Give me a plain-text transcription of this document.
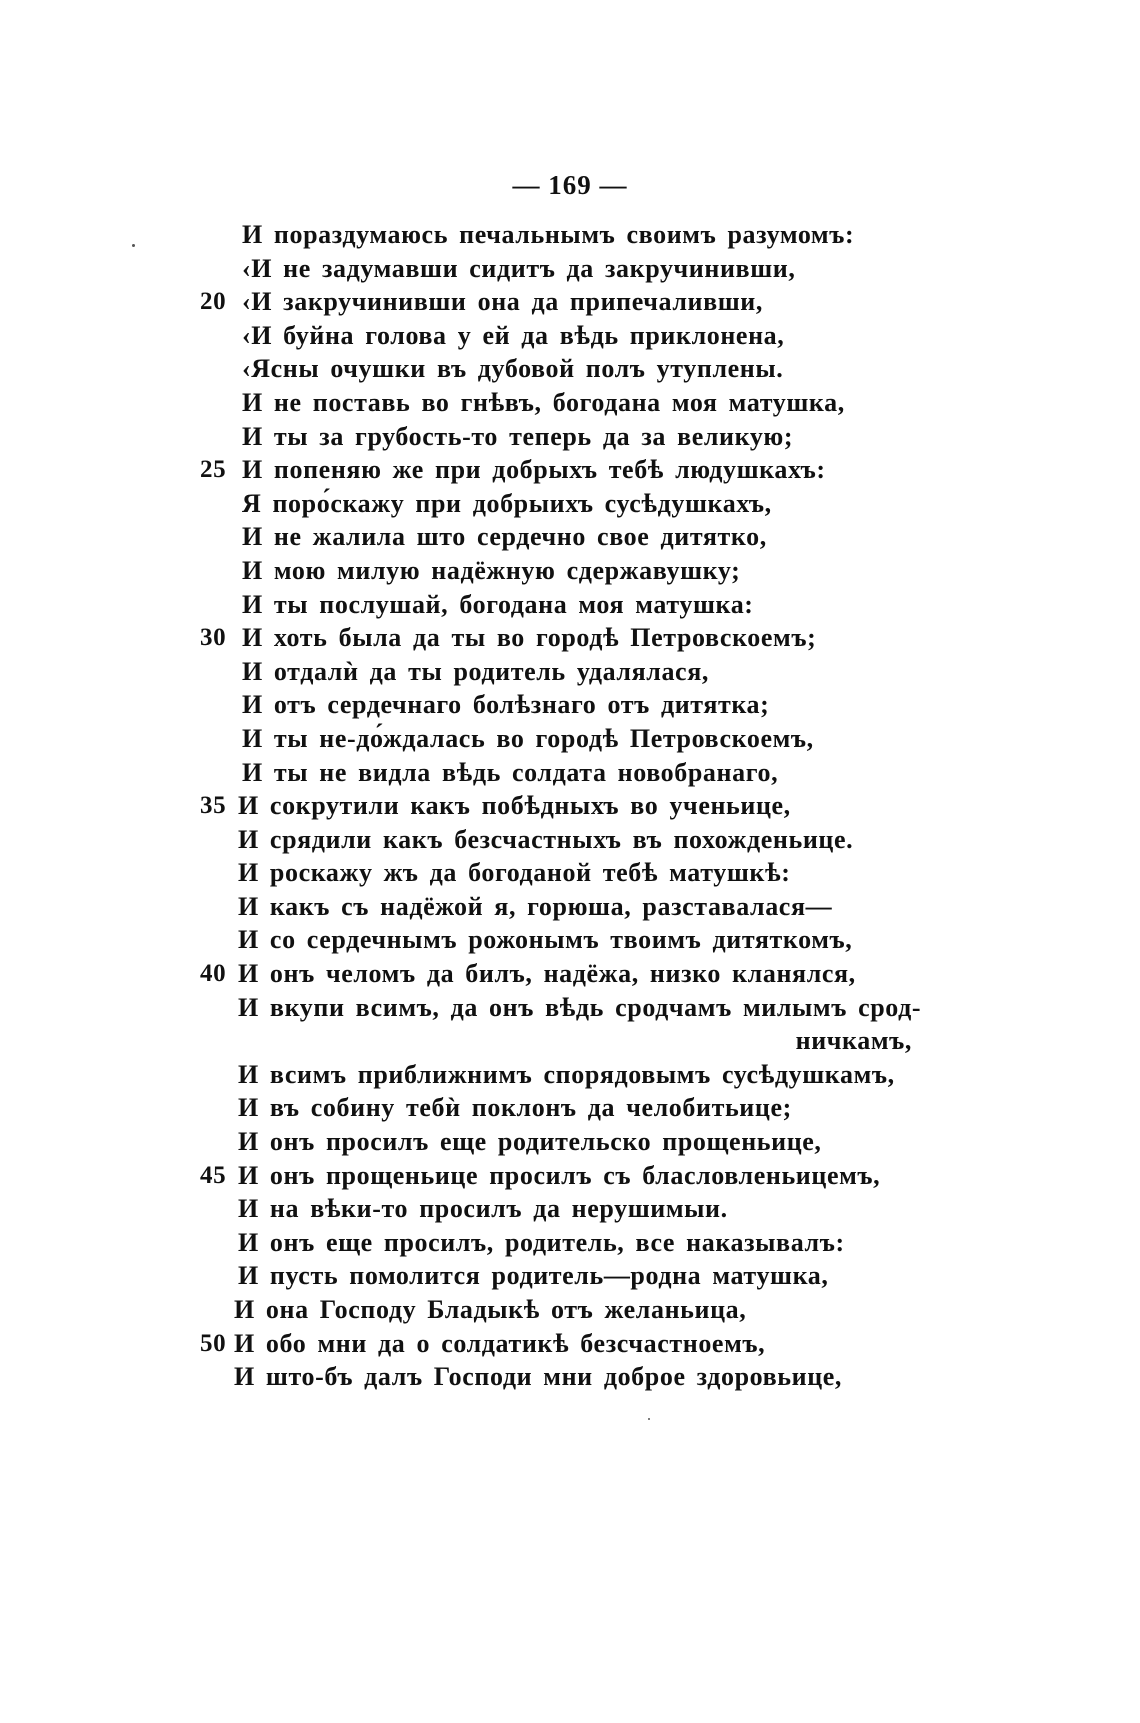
— 169 —
И пораздумаюсь печальнымъ своимъ разумомъ:
‹И не задумавши сидитъ да закручинивши,
20 ‹И закручинивши она да припечаливши,
‹И буйна голова у ей да вѣдь приклонена,
‹Ясны очушки въ дубовой полъ утуплены.
И не поставь во гнѣвъ, богодана моя матушка,
И ты за грубость-то теперь да за великую;
25 И попеняю же при добрыхъ тебѣ людушкахъ:
Я поро́скажу при добрыихъ сусѣдушкахъ,
И не жалила што сердечно свое дитятко,
И мою милую надёжную сдержавушку;
И ты послушай, богодана моя матушка:
30 И хоть была да ты во городѣ Петровскоемъ;
И отдалѝ да ты родитель удалялася,
И отъ сердечнаго болѣзнаго отъ дитятка;
И ты не-до́ждалась во городѣ Петровскоемъ,
И ты не видла вѣдь солдата новобранаго,
35 И сокрутили какъ побѣдныхъ во ученьице,
И срядили какъ безсчастныхъ въ похожденьице.
И роскажу жъ да богоданой тебѣ матушкѣ:
И какъ съ надёжой я, горюша, разставалася—
И со сердечнымъ рожонымъ твоимъ дитяткомъ,
40 И онъ челомъ да билъ, надёжа, низко кланялся,
И вкупи всимъ, да онъ вѣдь сродчамъ милымъ срод-
ничкамъ,
И всимъ приближнимъ спорядовымъ сусѣдушкамъ,
И въ собину тебѝ поклонъ да челобитьице;
И онъ просилъ еще родительско прощеньице,
45 И онъ прощеньице просилъ съ бласловленьицемъ,
И на вѣки-то просилъ да нерушимыи.
И онъ еще просилъ, родитель, все наказывалъ:
И пусть помолится родитель—родна матушка,
И она Господу Бладыкѣ отъ желаньица,
50 И обо мни да о солдатикѣ безсчастноемъ,
И што-бъ далъ Господи мни доброе здоровьице,
